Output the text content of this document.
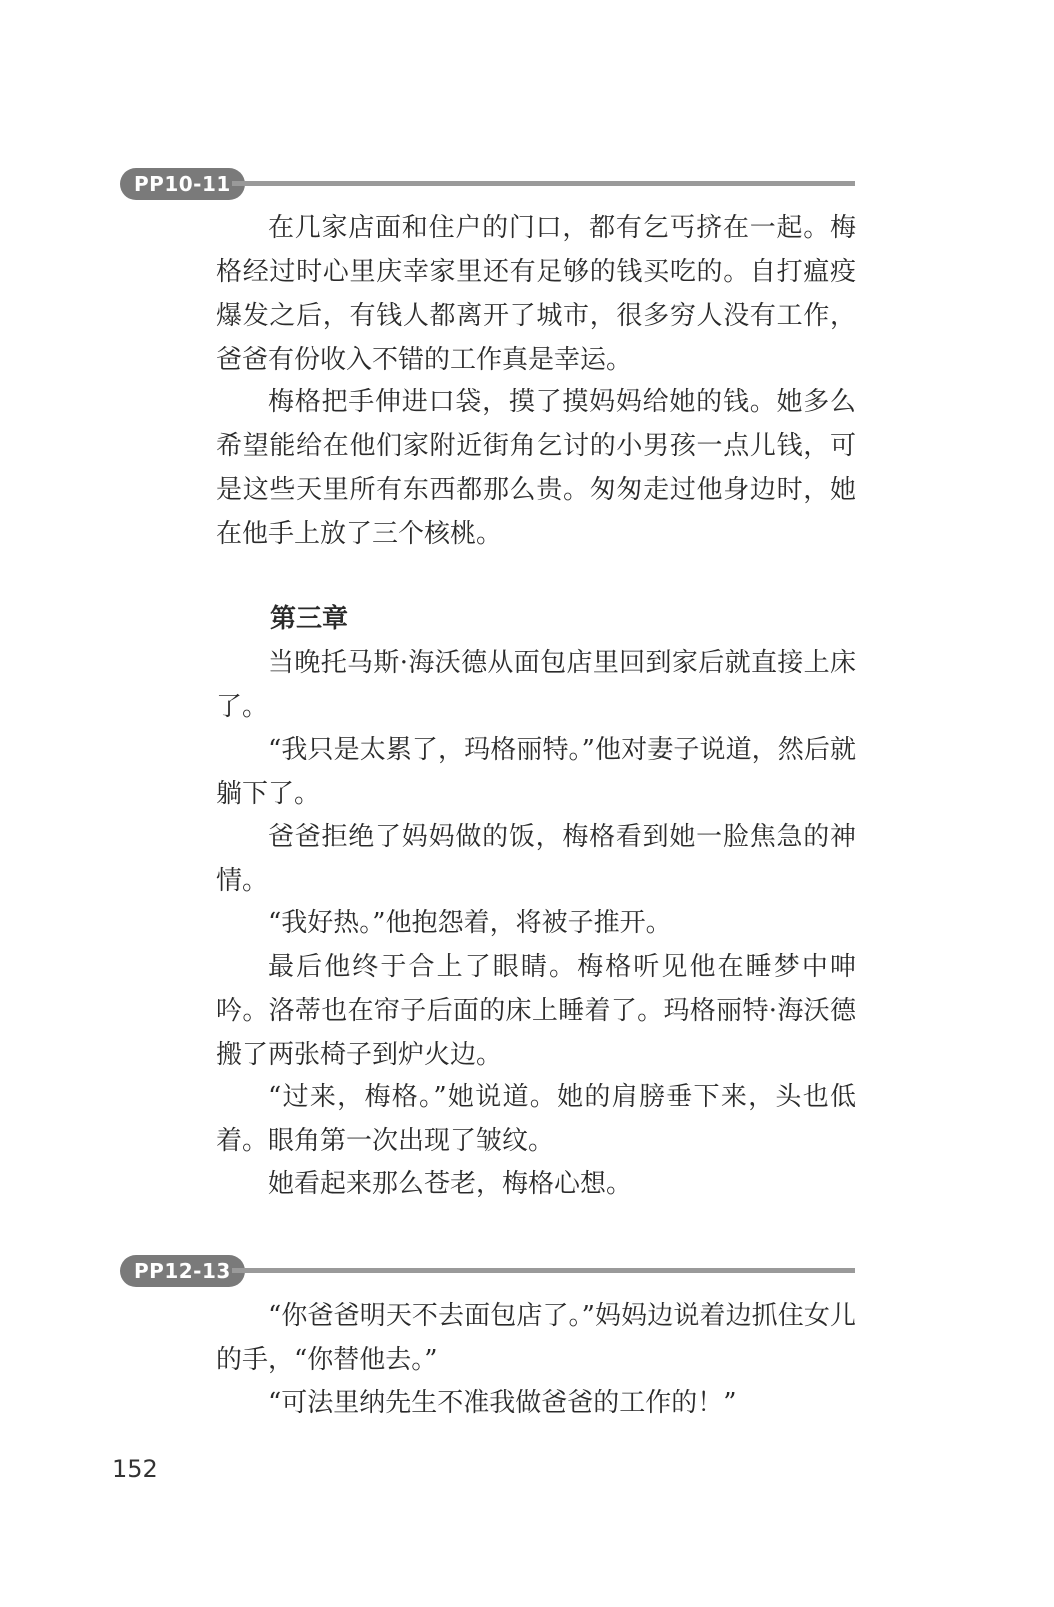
PP10-11

在几家店面和住户的门口，都有乞丐挤在一起。梅格经过时心里庆幸家里还有足够的钱买吃的。自打瘟疫爆发之后，有钱人都离开了城市，很多穷人没有工作，爸爸有份收入不错的工作真是幸运。

梅格把手伸进口袋，摸了摸妈妈给她的钱。她多么希望能给在他们家附近街角乞讨的小男孩一点儿钱，可是这些天里所有东西都那么贵。匆匆走过他身边时，她在他手上放了三个核桃。

第三章

当晚托马斯·海沃德从面包店里回到家后就直接上床了。

“我只是太累了，玛格丽特。”他对妻子说道，然后就躺下了。

爸爸拒绝了妈妈做的饭，梅格看到她一脸焦急的神情。

“我好热。”他抱怨着，将被子推开。

最后他终于合上了眼睛。梅格听见他在睡梦中呻吟。洛蒂也在帘子后面的床上睡着了。玛格丽特·海沃德搬了两张椅子到炉火边。

“过来，梅格。”她说道。她的肩膀垂下来，头也低着。眼角第一次出现了皱纹。

她看起来那么苍老，梅格心想。

PP12-13

“你爸爸明天不去面包店了。”妈妈边说着边抓住女儿的手，“你替他去。”

“可法里纳先生不准我做爸爸的工作的！”

152
